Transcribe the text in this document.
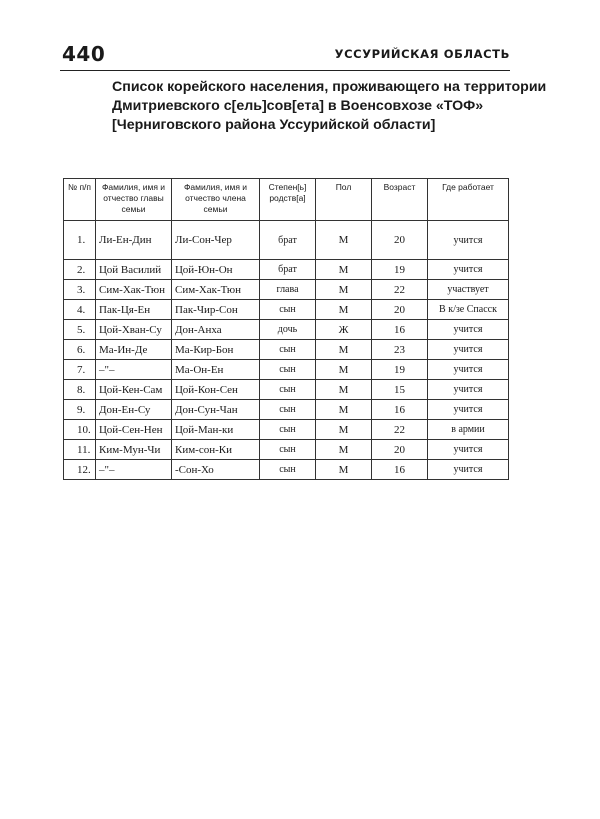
440	УССУРИЙСКАЯ ОБЛАСТЬ
Список корейского населения, проживающего на территории
Дмитриевского с[ель]сов[ета] в Военсовхозе «ТОФ»
[Черниговского района Уссурийской области]
№ п/п	Фамилия, имя и отчество главы семьи	Фамилия, имя и отчество члена семьи	Степен[ь] родств[а]	Пол	Возраст	Где работает
1.	Ли-Ен-Дин	Ли-Сон-Чер	брат	М	20	учится
2.	Цой Василий	Цой-Юн-Он	брат	М	19	учится
3.	Сим-Хак-Тюн	Сим-Хак-Тюн	глава	М	22	участвует
4.	Пак-Ця-Ен	Пак-Чир-Сон	сын	М	20	В к/зе Спасск
5.	Цой-Хван-Су	Дон-Анха	дочь	Ж	16	учится
6.	Ма-Ин-Де	Ма-Кир-Бон	сын	М	23	учится
7.	–"–	Ма-Он-Ен	сын	М	19	учится
8.	Цой-Кен-Сам	Цой-Кон-Сен	сын	М	15	учится
9.	Дон-Ен-Су	Дон-Сун-Чан	сын	М	16	учится
10.	Цой-Сен-Нен	Цой-Ман-ки	сын	М	22	в армии
11.	Ким-Мун-Чи	Ким-сон-Ки	сын	М	20	учится
12.	–"–	-Сон-Хо	сын	М	16	учится
